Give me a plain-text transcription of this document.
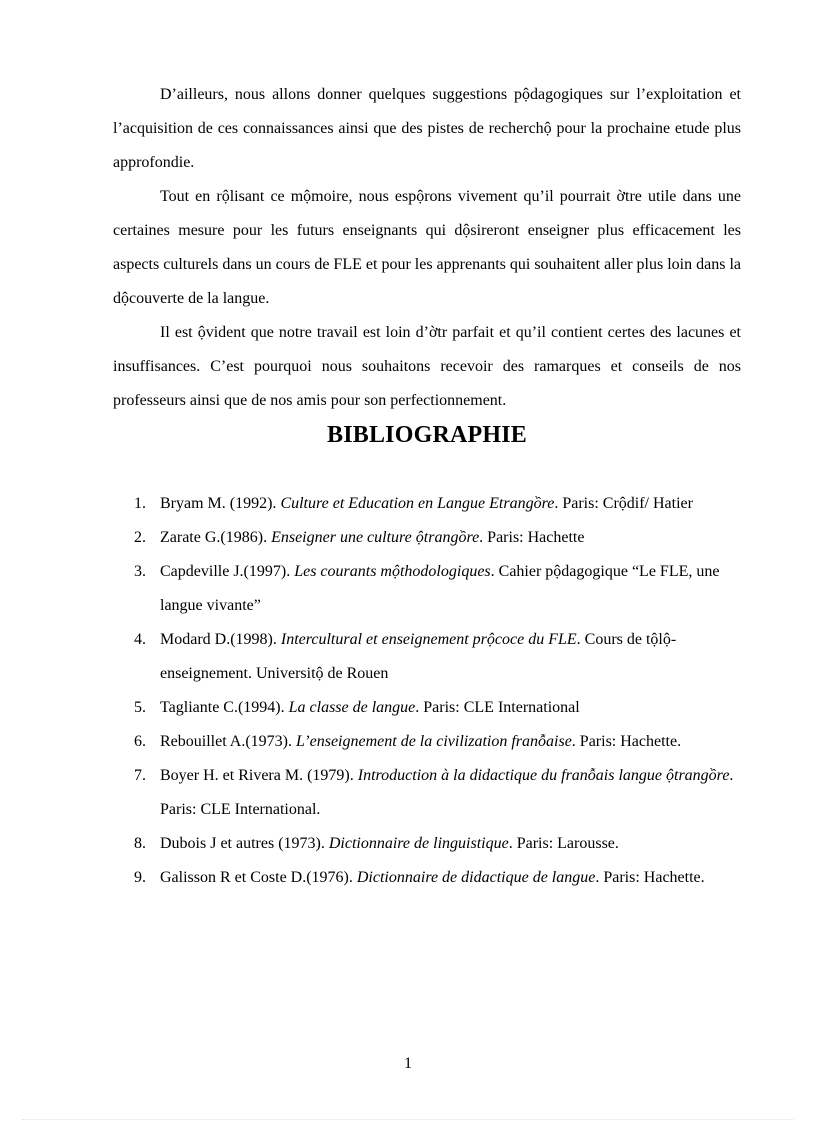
D’ailleurs, nous allons donner quelques suggestions pộdagogiques sur l’exploitation et l’acquisition de ces connaissances ainsi que des pistes de recherchộ pour la prochaine etude plus approfondie.

Tout en rộlisant ce mộmoire, nous espộrons vivement qu’il pourrait ờtre utile dans une certaines mesure pour les futurs enseignants qui dộsireront enseigner plus efficacement les aspects culturels dans un cours de FLE et pour les apprenants qui souhaitent aller plus loin dans la dộcouverte de la langue.

Il est ộvident que notre travail est loin d’ờtr parfait et qu’il contient certes des lacunes et insuffisances. C’est pourquoi nous souhaitons recevoir des ramarques et conseils de nos professeurs ainsi que de nos amis pour son perfectionnement.

BIBLIOGRAPHIE
1. Bryam M. (1992). Culture et Education en Langue Etrangồre. Paris: Crộdif/ Hatier
2. Zarate G.(1986). Enseigner une culture ộtrangồre. Paris: Hachette
3. Capdeville J.(1997). Les courants mộthodologiques. Cahier pộdagogique “Le FLE, une langue vivante”
4. Modard D.(1998). Intercultural et enseignement prộcoce du FLE. Cours de tộlộ-enseignement. Universitộ de Rouen
5. Tagliante C.(1994). La classe de langue. Paris: CLE International
6. Rebouillet A.(1973). L’enseignement de la civilization franỗaise. Paris: Hachette.
7. Boyer H. et Rivera M. (1979). Introduction à la didactique du franỗais langue ộtrangồre. Paris: CLE International.
8. Dubois J et autres (1973). Dictionnaire de linguistique. Paris: Larousse.
9. Galisson R et Coste D.(1976). Dictionnaire de didactique de langue. Paris: Hachette.
1
